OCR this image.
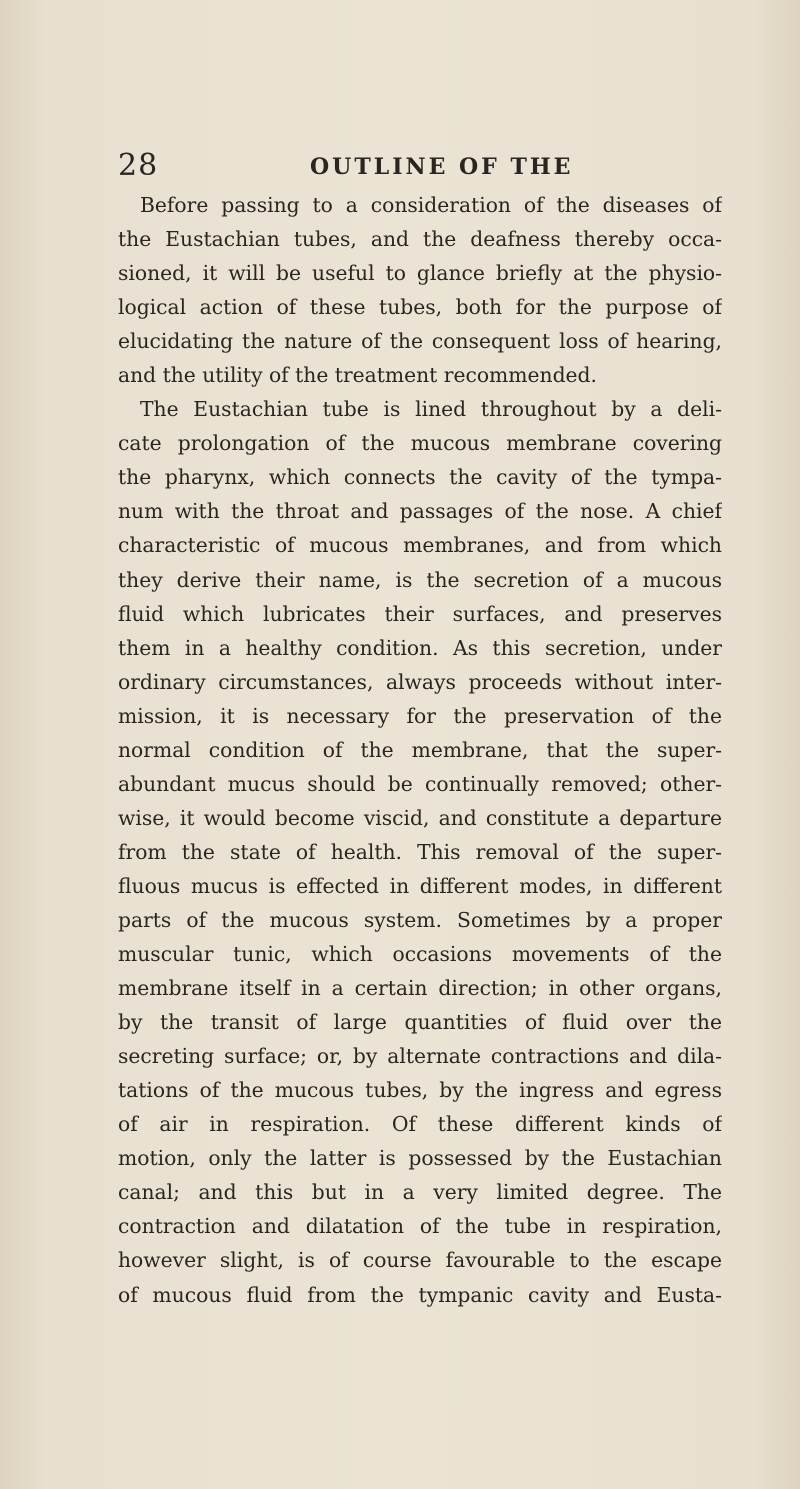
28	OUTLINE OF THE
Before passing to a consideration of the diseases of
the Eustachian tubes, and the deafness thereby occa-
sioned, it will be useful to glance briefly at the physio-
logical action of these tubes, both for the purpose of
elucidating the nature of the consequent loss of hearing,
and the utility of the treatment recommended.
The Eustachian tube is lined throughout by a deli-
cate prolongation of the mucous membrane covering
the pharynx, which connects the cavity of the tympa-
num with the throat and passages of the nose. A chief
characteristic of mucous membranes, and from which
they derive their name, is the secretion of a mucous
fluid which lubricates their surfaces, and preserves
them in a healthy condition. As this secretion, under
ordinary circumstances, always proceeds without inter-
mission, it is necessary for the preservation of the
normal condition of the membrane, that the super-
abundant mucus should be continually removed; other-
wise, it would become viscid, and constitute a departure
from the state of health. This removal of the super-
fluous mucus is effected in different modes, in different
parts of the mucous system. Sometimes by a proper
muscular tunic, which occasions movements of the
membrane itself in a certain direction; in other organs,
by the transit of large quantities of fluid over the
secreting surface; or, by alternate contractions and dila-
tations of the mucous tubes, by the ingress and egress
of air in respiration. Of these different kinds of
motion, only the latter is possessed by the Eustachian
canal; and this but in a very limited degree. The
contraction and dilatation of the tube in respiration,
however slight, is of course favourable to the escape
of mucous fluid from the tympanic cavity and Eusta-
